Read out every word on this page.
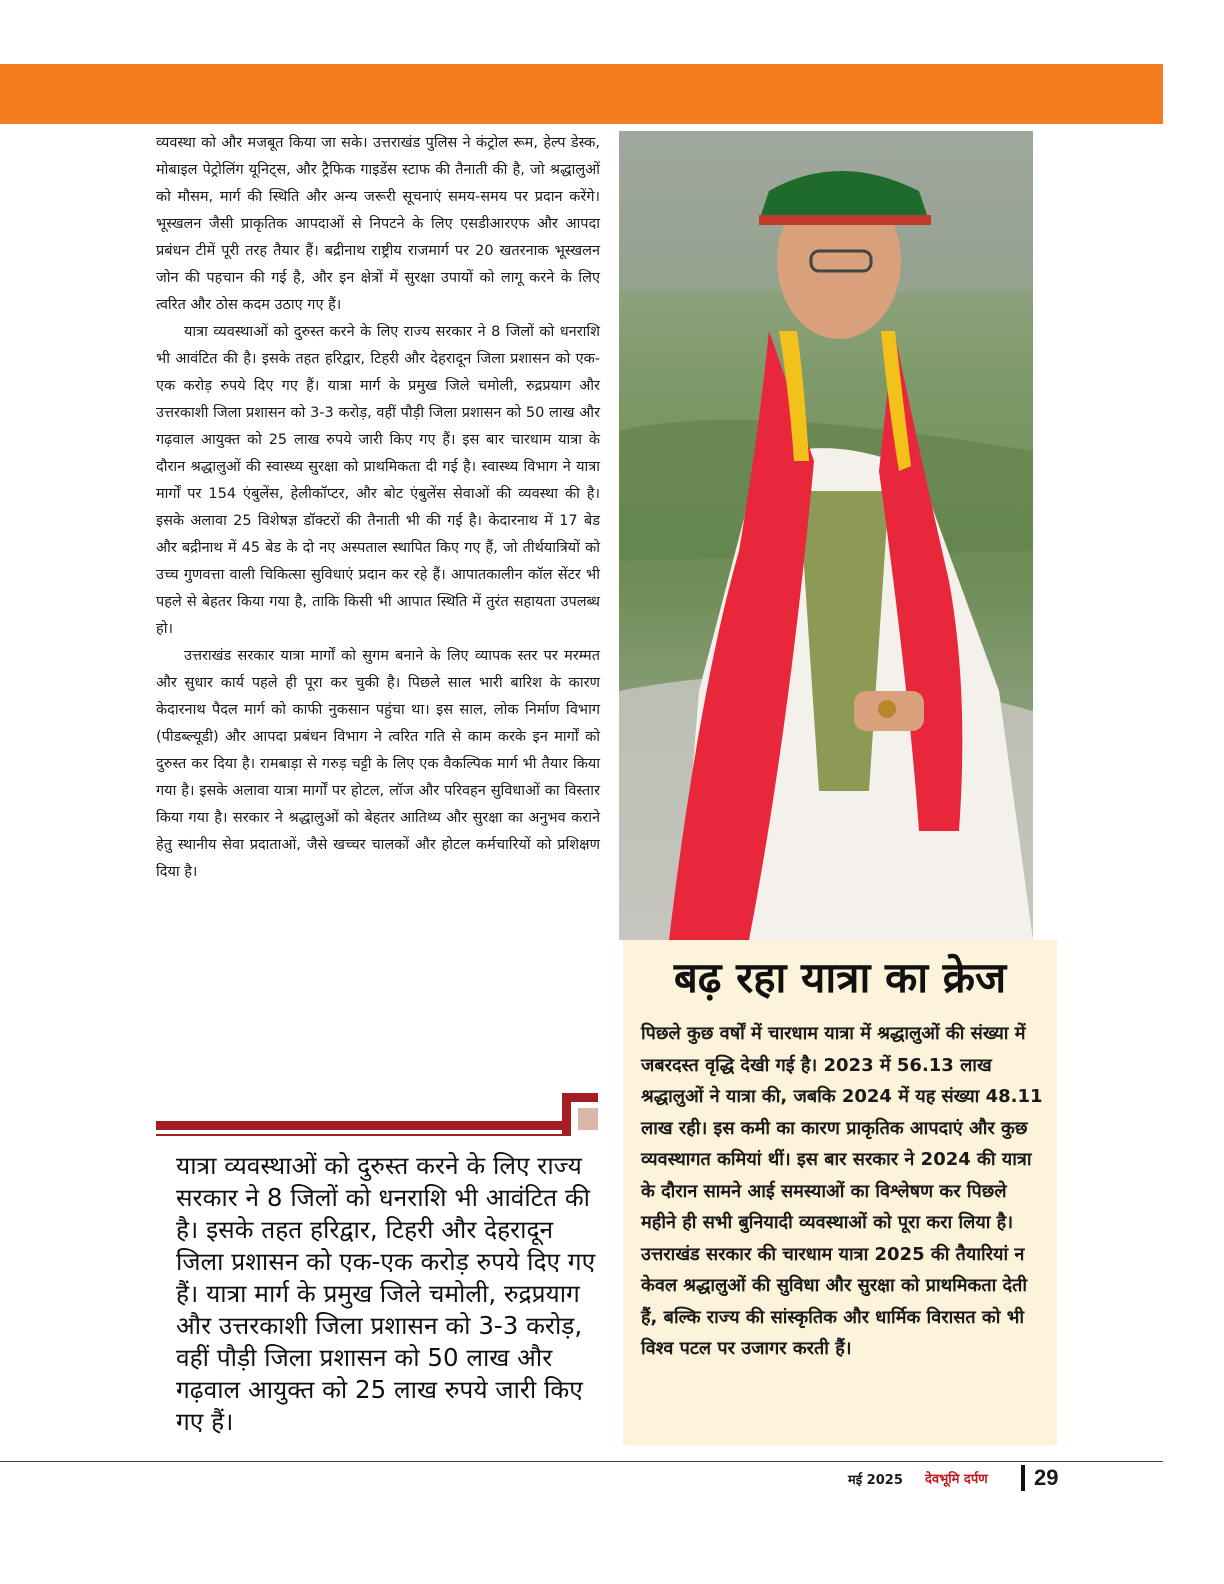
व्यवस्था को और मजबूत किया जा सके। उत्तराखंड पुलिस ने कंट्रोल रूम, हेल्प डेस्क, मोबाइल पेट्रोलिंग यूनिट्स, और ट्रैफिक गाइडेंस स्टाफ की तैनाती की है, जो श्रद्धालुओं को मौसम, मार्ग की स्थिति और अन्य जरूरी सूचनाएं समय-समय पर प्रदान करेंगे। भूस्खलन जैसी प्राकृतिक आपदाओं से निपटने के लिए एसडीआरएफ और आपदा प्रबंधन टीमें पूरी तरह तैयार हैं। बद्रीनाथ राष्ट्रीय राजमार्ग पर 20 खतरनाक भूस्खलन जोन की पहचान की गई है, और इन क्षेत्रों में सुरक्षा उपायों को लागू करने के लिए त्वरित और ठोस कदम उठाए गए हैं।

यात्रा व्यवस्थाओं को दुरुस्त करने के लिए राज्य सरकार ने 8 जिलों को धनराशि भी आवंटित की है। इसके तहत हरिद्वार, टिहरी और देहरादून जिला प्रशासन को एक-एक करोड़ रुपये दिए गए हैं। यात्रा मार्ग के प्रमुख जिले चमोली, रुद्रप्रयाग और उत्तरकाशी जिला प्रशासन को 3-3 करोड़, वहीं पौड़ी जिला प्रशासन को 50 लाख और गढ़वाल आयुक्त को 25 लाख रुपये जारी किए गए हैं। इस बार चारधाम यात्रा के दौरान श्रद्धालुओं की स्वास्थ्य सुरक्षा को प्राथमिकता दी गई है। स्वास्थ्य विभाग ने यात्रा मार्गों पर 154 एंबुलेंस, हेलीकॉप्टर, और बोट एंबुलेंस सेवाओं की व्यवस्था की है। इसके अलावा 25 विशेषज्ञ डॉक्टरों की तैनाती भी की गई है। केदारनाथ में 17 बेड और बद्रीनाथ में 45 बेड के दो नए अस्पताल स्थापित किए गए हैं, जो तीर्थयात्रियों को उच्च गुणवत्ता वाली चिकित्सा सुविधाएं प्रदान कर रहे हैं। आपातकालीन कॉल सेंटर भी पहले से बेहतर किया गया है, ताकि किसी भी आपात स्थिति में तुरंत सहायता उपलब्ध हो।

उत्तराखंड सरकार यात्रा मार्गों को सुगम बनाने के लिए व्यापक स्तर पर मरम्मत और सुधार कार्य पहले ही पूरा कर चुकी है। पिछले साल भारी बारिश के कारण केदारनाथ पैदल मार्ग को काफी नुकसान पहुंचा था। इस साल, लोक निर्माण विभाग (पीडब्ल्यूडी) और आपदा प्रबंधन विभाग ने त्वरित गति से काम करके इन मार्गों को दुरुस्त कर दिया है। रामबाड़ा से गरुड़ चट्टी के लिए एक वैकल्पिक मार्ग भी तैयार किया गया है। इसके अलावा यात्रा मार्गों पर होटल, लॉज और परिवहन सुविधाओं का विस्तार किया गया है। सरकार ने श्रद्धालुओं को बेहतर आतिथ्य और सुरक्षा का अनुभव कराने हेतु स्थानीय सेवा प्रदाताओं, जैसे खच्चर चालकों और होटल कर्मचारियों को प्रशिक्षण दिया है।

यात्रा व्यवस्थाओं को दुरुस्त करने के लिए राज्य सरकार ने 8 जिलों को धनराशि भी आवंटित की है। इसके तहत हरिद्वार, टिहरी और देहरादून जिला प्रशासन को एक-एक करोड़ रुपये दिए गए हैं। यात्रा मार्ग के प्रमुख जिले चमोली, रुद्रप्रयाग और उत्तरकाशी जिला प्रशासन को 3-3 करोड़, वहीं पौड़ी जिला प्रशासन को 50 लाख और गढ़वाल आयुक्त को 25 लाख रुपये जारी किए गए हैं।
बढ़ रहा यात्रा का क्रेज
पिछले कुछ वर्षों में चारधाम यात्रा में श्रद्धालुओं की संख्या में जबरदस्त वृद्धि देखी गई है। 2023 में 56.13 लाख श्रद्धालुओं ने यात्रा की, जबकि 2024 में यह संख्या 48.11 लाख रही। इस कमी का कारण प्राकृतिक आपदाएं और कुछ व्यवस्थागत कमियां थीं। इस बार सरकार ने 2024 की यात्रा के दौरान सामने आई समस्याओं का विश्लेषण कर पिछले महीने ही सभी बुनियादी व्यवस्थाओं को पूरा करा लिया है। उत्तराखंड सरकार की चारधाम यात्रा 2025 की तैयारियां न केवल श्रद्धालुओं की सुविधा और सुरक्षा को प्राथमिकता देती हैं, बल्कि राज्य की सांस्कृतिक और धार्मिक विरासत को भी विश्व पटल पर उजागर करती हैं।
मई 2025 देवभूमि दर्पण 29
